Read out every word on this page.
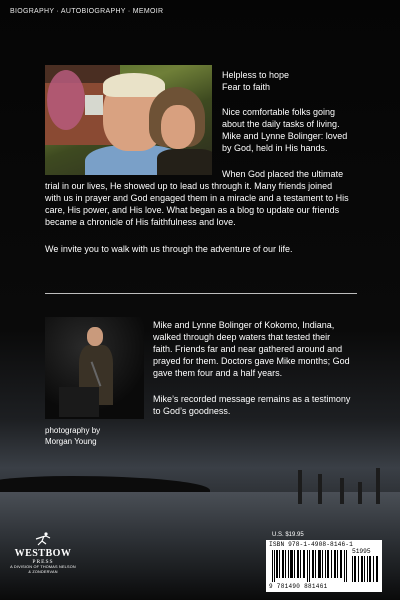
BIOGRAPHY · AUTOBIOGRAPHY · MEMOIR
Helpless to hope
Fear to faith
Nice comfortable folks going
about the daily tasks of living.
Mike and Lynne Bolinger: loved
by God, held in His hands.
When God placed the ultimate
trial in our lives, He showed up to lead us through it. Many friends joined
with us in prayer and God engaged them in a miracle and a testament to His
care, His power, and His love. What began as a blog to update our friends
became a chronicle of His faithfulness and love.
We invite you to walk with us through the adventure of our life.
Mike and Lynne Bolinger of Kokomo, Indiana,
walked through deep waters that tested their
faith. Friends far and near gathered around and
prayed for them. Doctors gave Mike months; God
gave them four and a half years.
Mike’s recorded message remains as a testimony
to God’s goodness.
photography by
Morgan Young
WESTBOW
PRESS
A DIVISION OF THOMAS NELSON
& ZONDERVAN
U.S. $19.95
ISBN 978-1-4908-8146-1
51995
9 781490 881461
